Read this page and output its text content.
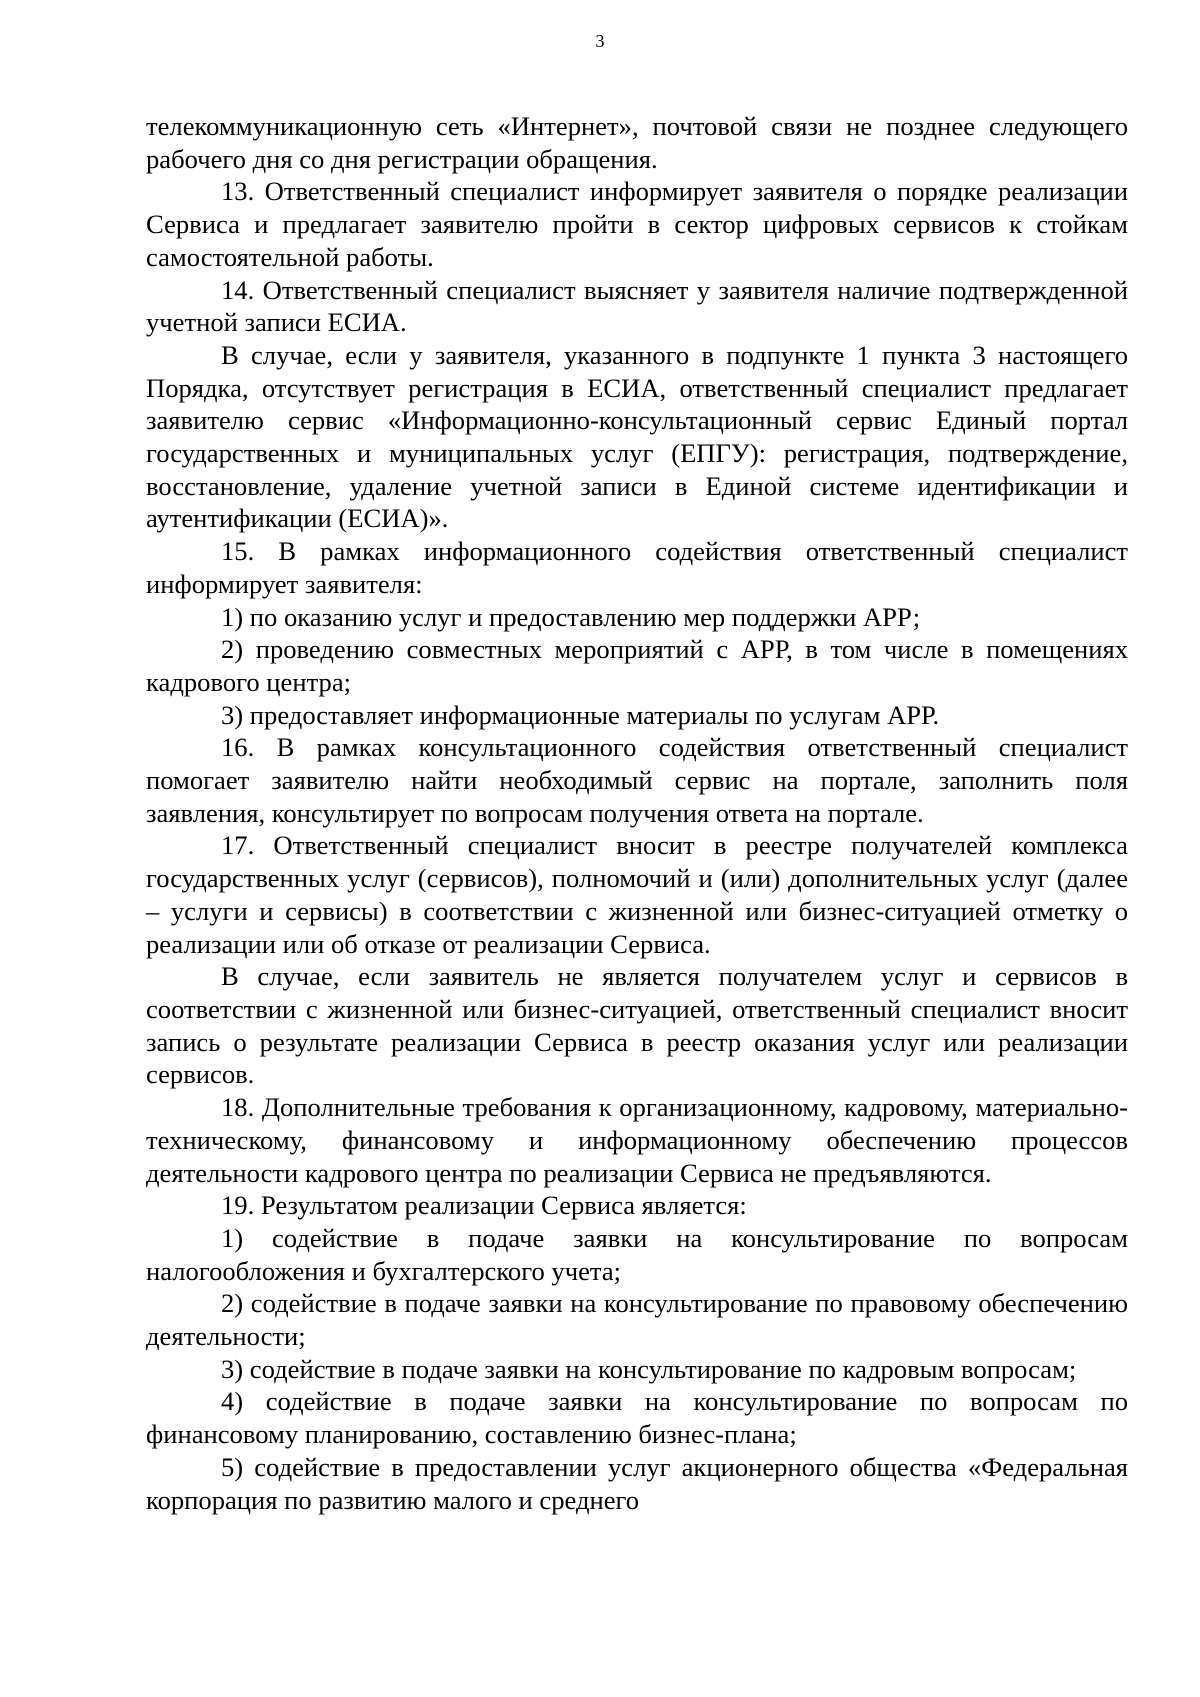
3

телекоммуникационную сеть «Интернет», почтовой связи не позднее следующего рабочего дня со дня регистрации обращения.

13. Ответственный специалист информирует заявителя о порядке реализации Сервиса и предлагает заявителю пройти в сектор цифровых сервисов к стойкам самостоятельной работы.

14. Ответственный специалист выясняет у заявителя наличие подтвержденной учетной записи ЕСИА.

В случае, если у заявителя, указанного в подпункте 1 пункта 3 настоящего Порядка, отсутствует регистрация в ЕСИА, ответственный специалист предлагает заявителю сервис «Информационно-консультационный сервис Единый портал государственных и муниципальных услуг (ЕПГУ): регистрация, подтверждение, восстановление, удаление учетной записи в Единой системе идентификации и аутентификации (ЕСИА)».

15. В рамках информационного содействия ответственный специалист информирует заявителя:

1) по оказанию услуг и предоставлению мер поддержки АРР;

2) проведению совместных мероприятий с АРР, в том числе в помещениях кадрового центра;

3) предоставляет информационные материалы по услугам АРР.

16. В рамках консультационного содействия ответственный специалист помогает заявителю найти необходимый сервис на портале, заполнить поля заявления, консультирует по вопросам получения ответа на портале.

17. Ответственный специалист вносит в реестре получателей комплекса государственных услуг (сервисов), полномочий и (или) дополнительных услуг (далее – услуги и сервисы) в соответствии с жизненной или бизнес-ситуацией отметку о реализации или об отказе от реализации Сервиса.

В случае, если заявитель не является получателем услуг и сервисов в соответствии с жизненной или бизнес-ситуацией, ответственный специалист вносит запись о результате реализации Сервиса в реестр оказания услуг или реализации сервисов.

18. Дополнительные требования к организационному, кадровому, материально-техническому, финансовому и информационному обеспечению процессов деятельности кадрового центра по реализации Сервиса не предъявляются.

19. Результатом реализации Сервиса является:

1) содействие в подаче заявки на консультирование по вопросам налогообложения и бухгалтерского учета;

2) содействие в подаче заявки на консультирование по правовому обеспечению деятельности;

3) содействие в подаче заявки на консультирование по кадровым вопросам;

4) содействие в подаче заявки на консультирование по вопросам по финансовому планированию, составлению бизнес-плана;

5) содействие в предоставлении услуг акционерного общества «Федеральная корпорация по развитию малого и среднего
